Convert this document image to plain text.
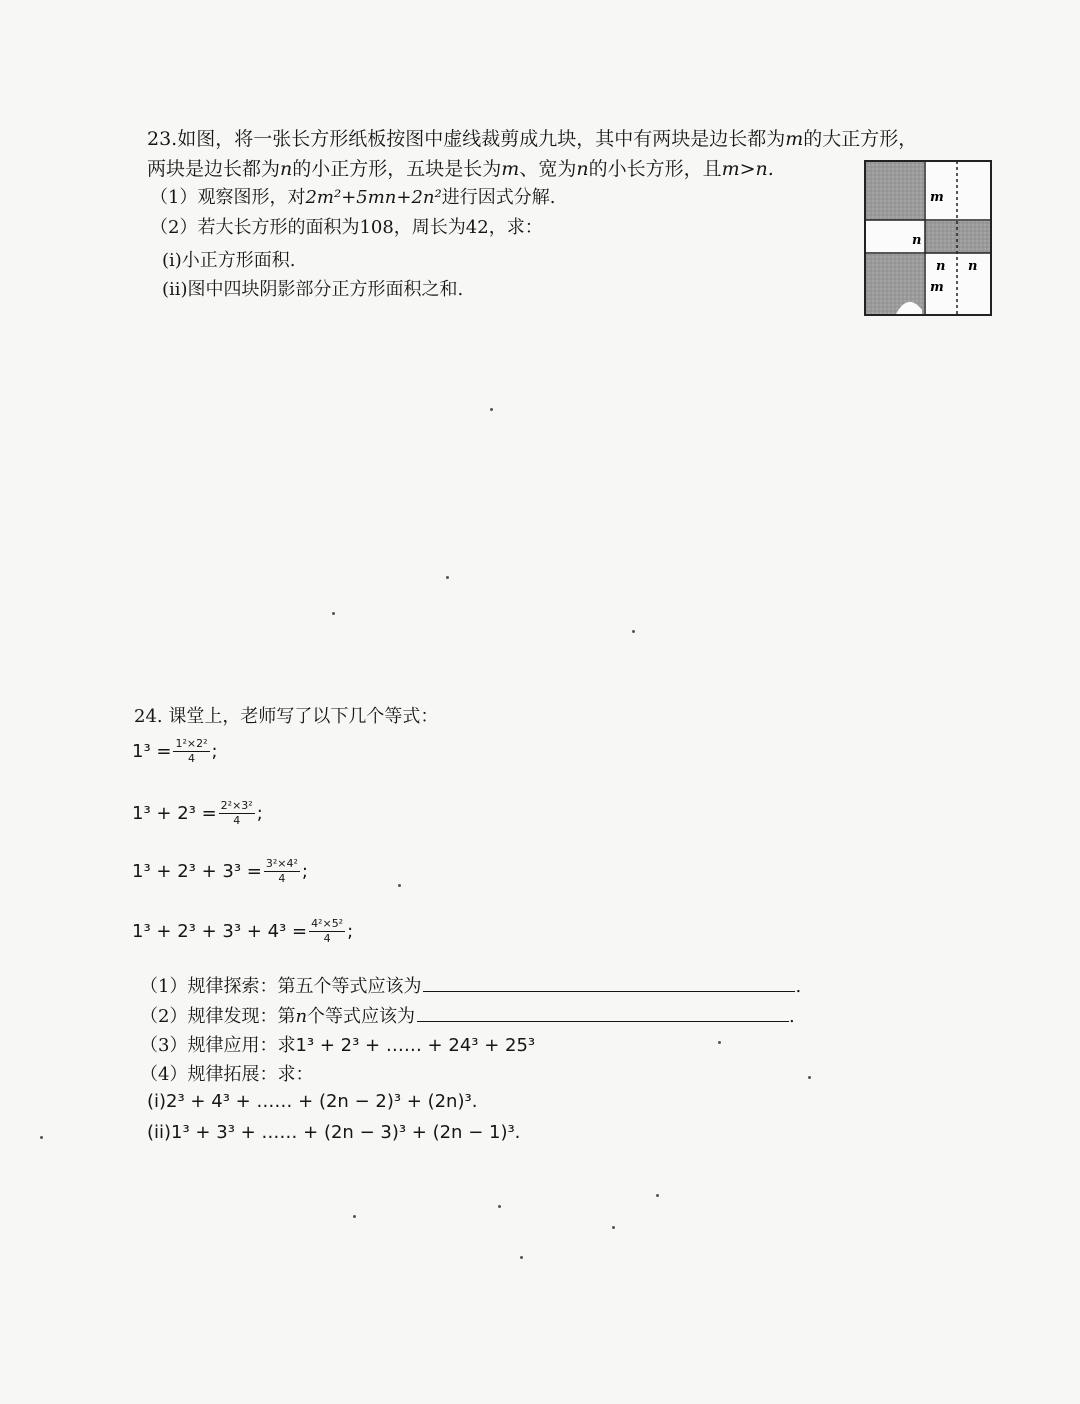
23.如图，将一张长方形纸板按图中虚线裁剪成九块，其中有两块是边长都为m的大正方形，
两块是边长都为n的小正方形，五块是长为m、宽为n的小长方形，且m>n.
（1）观察图形，对2m²+5mn+2n²进行因式分解.
（2）若大长方形的面积为108，周长为42，求：
(i)小正方形面积.
(ii)图中四块阴影部分正方形面积之和.
m
n
n n
m
24. 课堂上，老师写了以下几个等式：
$1^3 = \frac{\text{1²×2²}}{4}$ ;
$1^3 + 2^3 = \frac{\text{2²×3²}}{4}$ ;
$1^3 + 2^3 + 3^3 = \frac{\text{3²×4²}}{4}$ ;
$1^3 + 2^3 + 3^3 + 4^3 = \frac{\text{4²×5²}}{4}$ ;
（1）规律探索：第五个等式应该为	.
（2）规律发现：第 n 个等式应该为	.
（3）规律应用：求 1³ + 2³ + …… + 24³ + 25³
（4）规律拓展：求：
(i) 2³ + 4³ + …… + (2n − 2)³ + (2n)³.
(ii) 1³ + 3³ + …… + (2n − 3)³ + (2n − 1)³.
